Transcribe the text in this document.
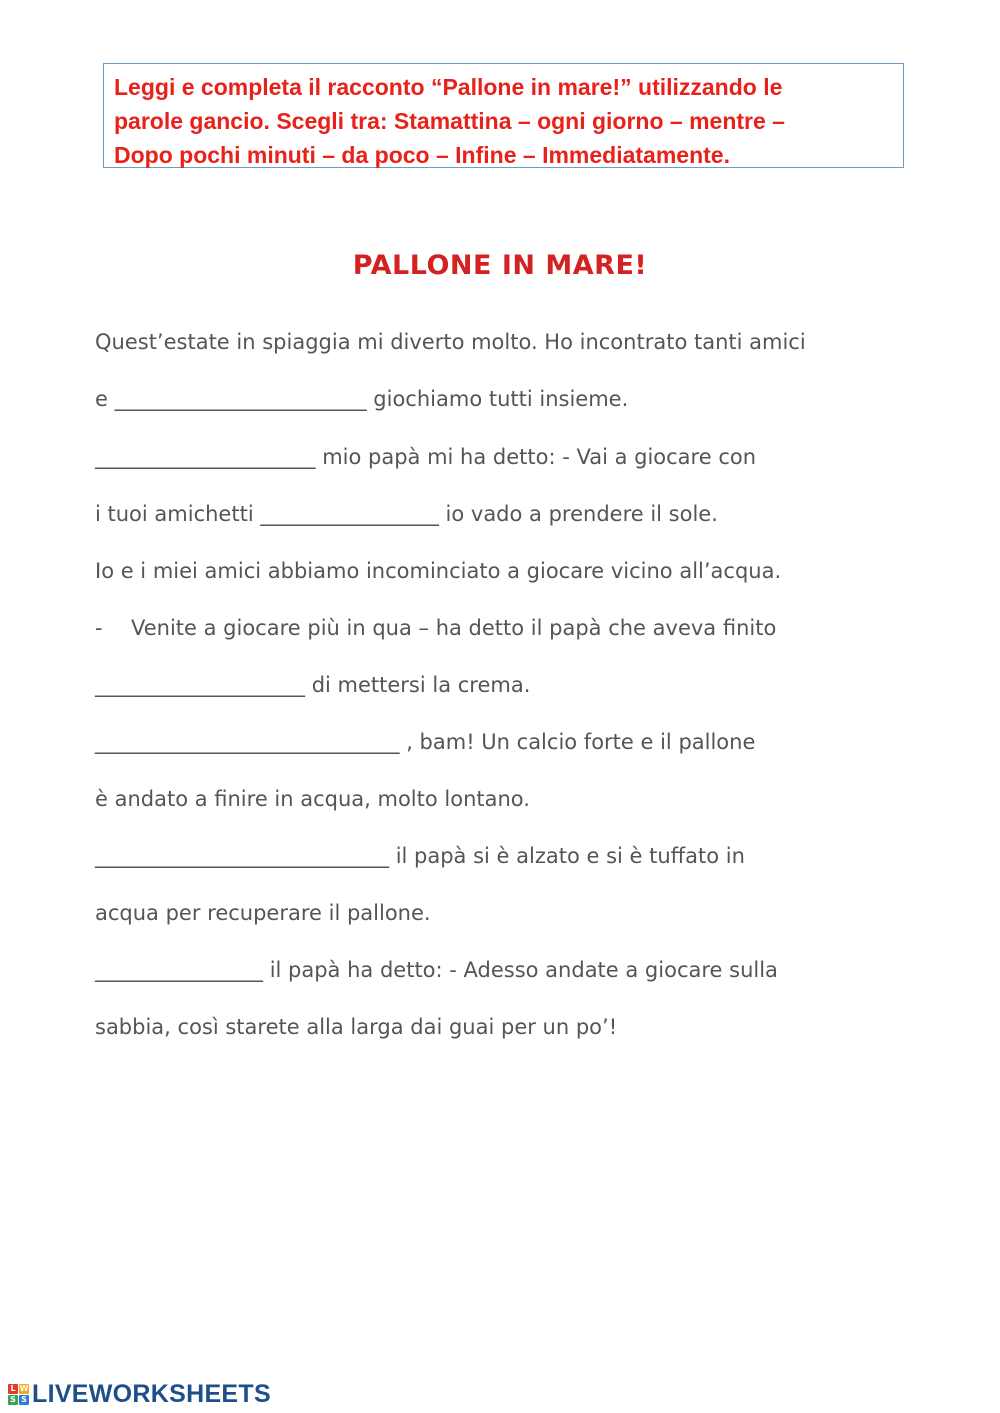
Leggi e completa il racconto “Pallone in mare!” utilizzando le
parole gancio. Scegli tra: Stamattina – ogni giorno – mentre –
Dopo pochi minuti – da poco – Infine – Immediatamente.
PALLONE IN MARE!
Quest’estate in spiaggia mi diverto molto. Ho incontrato tanti amici
e ________________________ giochiamo tutti insieme.
_____________________ mio papà mi ha detto: - Vai a giocare con
i tuoi amichetti _________________ io vado a prendere il sole.
Io e i miei amici abbiamo incominciato a giocare vicino all’acqua.
- Venite a giocare più in qua – ha detto il papà che aveva finito
____________________ di mettersi la crema.
_____________________________ , bam! Un calcio forte e il pallone
è andato a finire in acqua, molto lontano.
____________________________ il papà si è alzato e si è tuffato in
acqua per recuperare il pallone.
________________ il papà ha detto: - Adesso andate a giocare sulla
sabbia, così starete alla larga dai guai per un po’!
L W
S S LIVEWORKSHEETS
